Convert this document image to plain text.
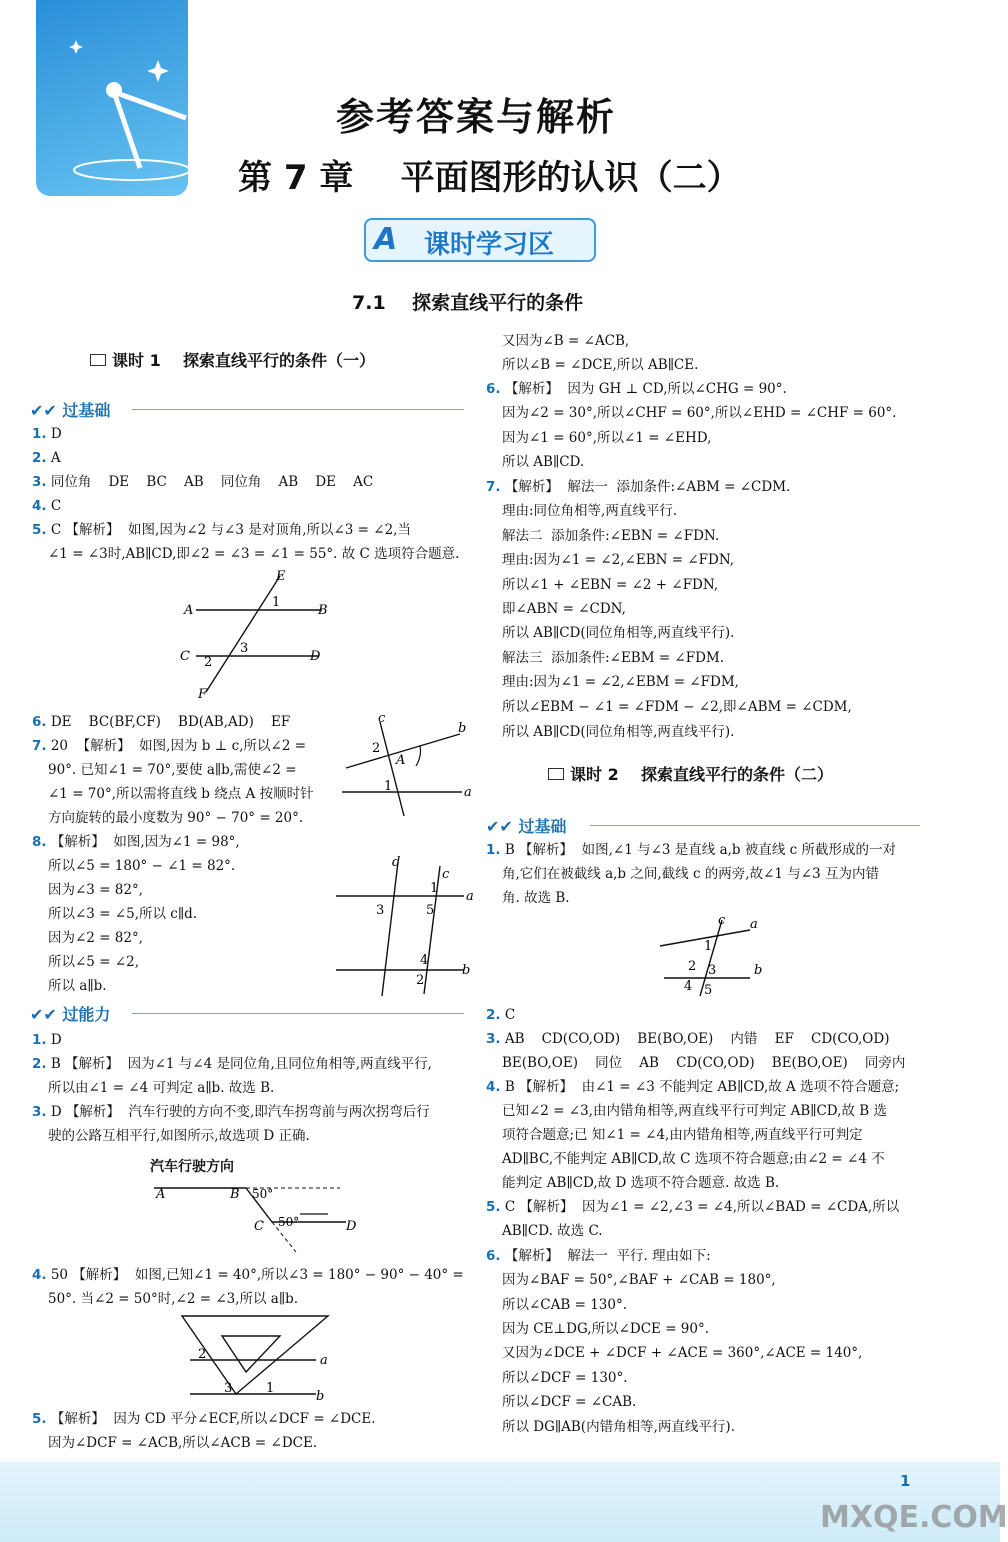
参考答案与解析
第 7 章    平面图形的认识（二）
A 课时学习区
7.1    探索直线平行的条件
课时 1    探索直线平行的条件（一）
✔✔ 过基础
✔✔ 过能力
1. D
2. A
3. 同位角    DE    BC    AB    同位角    AB    DE    AC
4. C
5. C 【解析】  如图,因为∠2 与∠3 是对顶角,所以∠3 = ∠2,当
∠1 = ∠3时,AB∥CD,即∠2 = ∠3 = ∠1 = 55°. 故 C 选项符合题意.
6. DE    BC(BF,CF)    BD(AB,AD)    EF
7. 20  【解析】  如图,因为 b ⊥ c,所以∠2 =
90°. 已知∠1 = 70°,要使 a∥b,需使∠2 =
∠1 = 70°,所以需将直线 b 绕点 A 按顺时针
方向旋转的最小度数为 90° − 70° = 20°.
8. 【解析】  如图,因为∠1 = 98°,
所以∠5 = 180° − ∠1 = 82°.
因为∠3 = 82°,
所以∠3 = ∠5,所以 c∥d.
因为∠2 = 82°,
所以∠5 = ∠2,
所以 a∥b.
1. D
2. B 【解析】  因为∠1 与∠4 是同位角,且同位角相等,两直线平行,
所以由∠1 = ∠4 可判定 a∥b. 故选 B.
3. D 【解析】  汽车行驶的方向不变,即汽车拐弯前与两次拐弯后行
驶的公路互相平行,如图所示,故选项 D 正确.
4. 50 【解析】  如图,已知∠1 = 40°,所以∠3 = 180° − 90° − 40° =
50°. 当∠2 = 50°时,∠2 = ∠3,所以 a∥b.
5. 【解析】  因为 CD 平分∠ECF,所以∠DCF = ∠DCE.
因为∠DCF = ∠ACB,所以∠ACB = ∠DCE.
E
A	B
C	D
F
1
3
2
c
b
a
2
A
1
d
c
a
b
1
3	5
4
2
汽车行驶方向
A	B
C	D
50°
50°
a
b
2
3	1
课时 2    探索直线平行的条件（二）
✔✔ 过基础
又因为∠B = ∠ACB,
所以∠B = ∠DCE,所以 AB∥CE.
6. 【解析】  因为 GH ⊥ CD,所以∠CHG = 90°.
因为∠2 = 30°,所以∠CHF = 60°,所以∠EHD = ∠CHF = 60°.
因为∠1 = 60°,所以∠1 = ∠EHD,
所以 AB∥CD.
7. 【解析】  解法一  添加条件:∠ABM = ∠CDM.
理由:同位角相等,两直线平行.
解法二  添加条件:∠EBN = ∠FDN.
理由:因为∠1 = ∠2,∠EBN = ∠FDN,
所以∠1 + ∠EBN = ∠2 + ∠FDN,
即∠ABN = ∠CDN,
所以 AB∥CD(同位角相等,两直线平行).
解法三  添加条件:∠EBM = ∠FDM.
理由:因为∠1 = ∠2,∠EBM = ∠FDM,
所以∠EBM − ∠1 = ∠FDM − ∠2,即∠ABM = ∠CDM,
所以 AB∥CD(同位角相等,两直线平行).
1. B 【解析】  如图,∠1 与∠3 是直线 a,b 被直线 c 所截形成的一对
角,它们在被截线 a,b 之间,截线 c 的两旁,故∠1 与∠3 互为内错
角. 故选 B.
2. C
3. AB    CD(CO,OD)    BE(BO,OE)    内错    EF    CD(CO,OD)
BE(BO,OE)    同位    AB    CD(CO,OD)    BE(BO,OE)    同旁内
4. B 【解析】  由∠1 = ∠3 不能判定 AB∥CD,故 A 选项不符合题意;
已知∠2 = ∠3,由内错角相等,两直线平行可判定 AB∥CD,故 B 选
项符合题意;已 知∠1 = ∠4,由内错角相等,两直线平行可判定
AD∥BC,不能判定 AB∥CD,故 C 选项不符合题意;由∠2 = ∠4 不
能判定 AB∥CD,故 D 选项不符合题意. 故选 B.
5. C 【解析】  因为∠1 = ∠2,∠3 = ∠4,所以∠BAD = ∠CDA,所以
AB∥CD. 故选 C.
6. 【解析】  解法一  平行. 理由如下:
因为∠BAF = 50°,∠BAF + ∠CAB = 180°,
所以∠CAB = 130°.
因为 CE⊥DG,所以∠DCE = 90°.
又因为∠DCE + ∠DCF + ∠ACE = 360°,∠ACE = 140°,
所以∠DCF = 130°.
所以∠DCF = ∠CAB.
所以 DG∥AB(内错角相等,两直线平行).
c a
b
1
2 3
4 5
1
MXQE.COM
